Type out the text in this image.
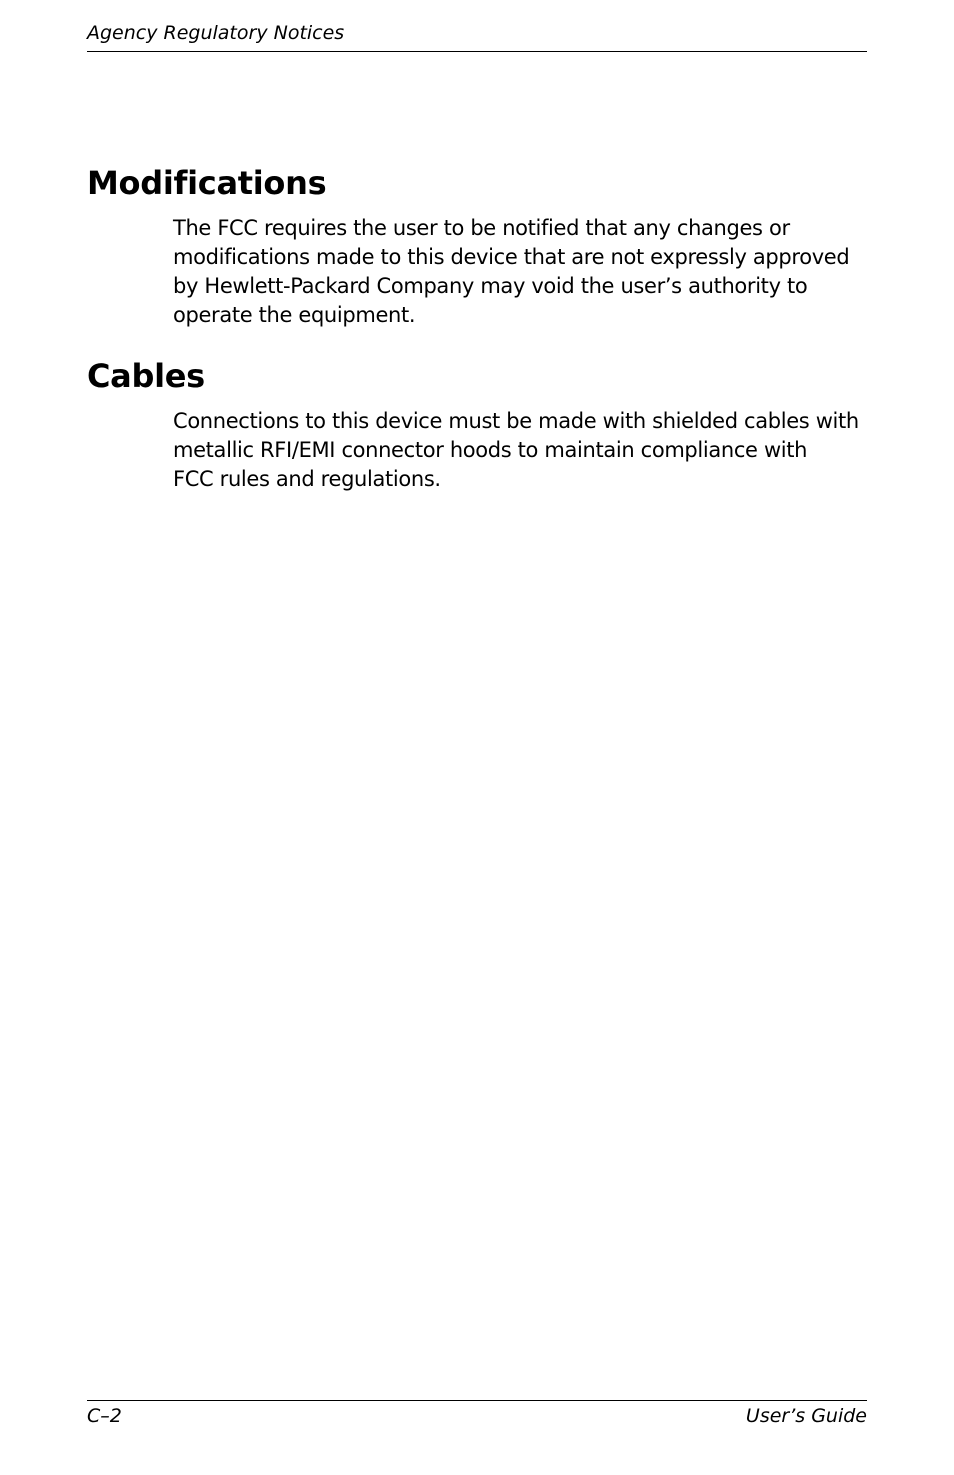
Agency Regulatory Notices
Modifications

The FCC requires the user to be notified that any changes or
modifications made to this device that are not expressly approved
by Hewlett-Packard Company may void the user’s authority to
operate the equipment.

Cables

Connections to this device must be made with shielded cables with
metallic RFI/EMI connector hoods to maintain compliance with
FCC rules and regulations.

C–2	User’s Guide
